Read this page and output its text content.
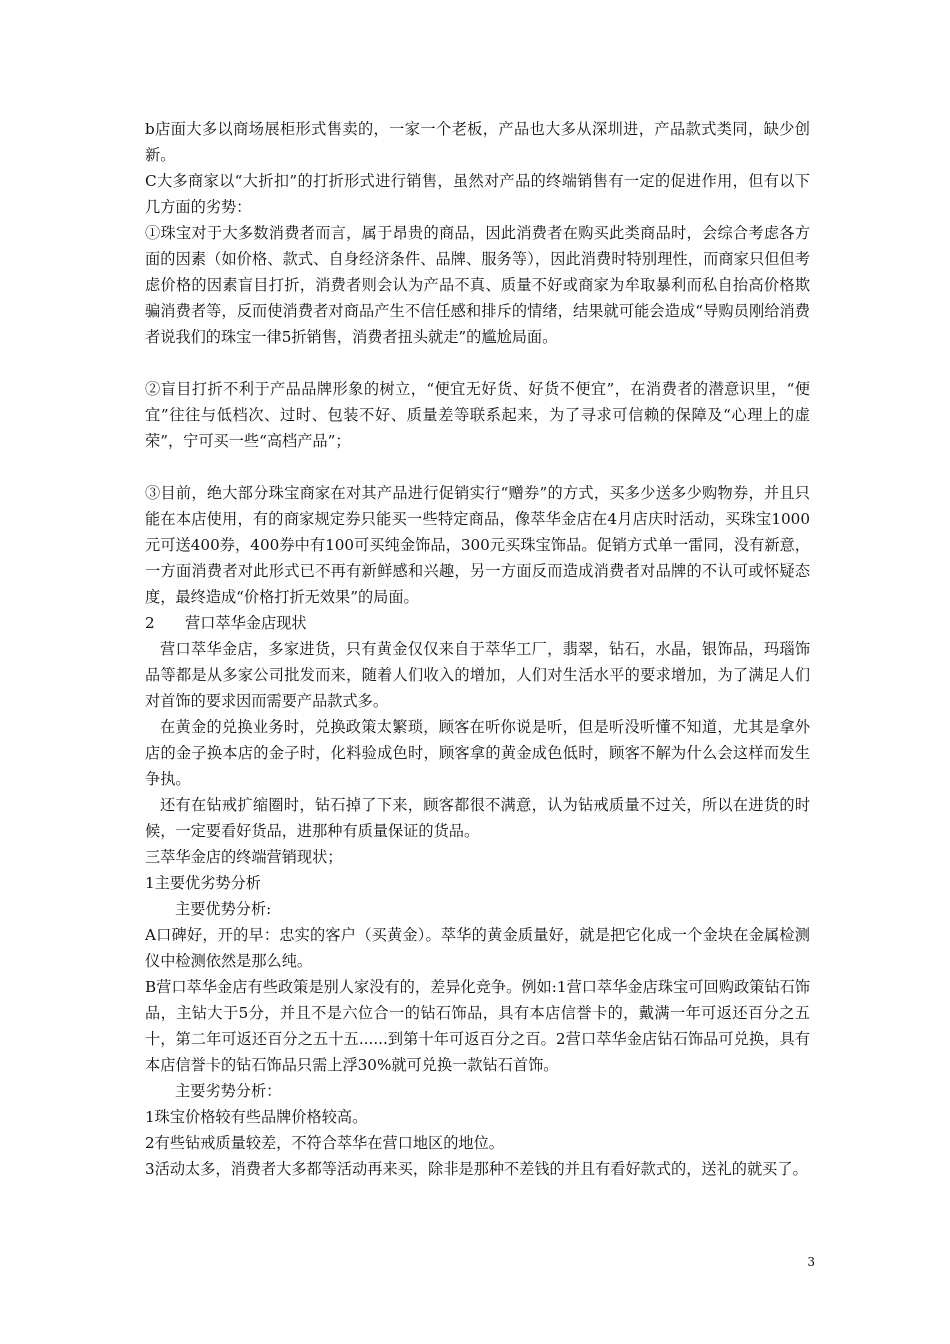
b店面大多以商场展柜形式售卖的，一家一个老板，产品也大多从深圳进，产品款式类同，缺少创新。

C大多商家以“大折扣”的打折形式进行销售，虽然对产品的终端销售有一定的促进作用，但有以下几方面的劣势：

①珠宝对于大多数消费者而言，属于昂贵的商品，因此消费者在购买此类商品时，会综合考虑各方面的因素（如价格、款式、自身经济条件、品牌、服务等），因此消费时特别理性，而商家只但但考虑价格的因素盲目打折，消费者则会认为产品不真、质量不好或商家为牟取暴利而私自抬高价格欺骗消费者等，反而使消费者对商品产生不信任感和排斥的情绪，结果就可能会造成“导购员刚给消费者说我们的珠宝一律5折销售，消费者扭头就走”的尴尬局面。

②盲目打折不利于产品品牌形象的树立，“便宜无好货、好货不便宜”，在消费者的潜意识里，“便宜”往往与低档次、过时、包装不好、质量差等联系起来，为了寻求可信赖的保障及“心理上的虚荣”，宁可买一些“高档产品”；

③目前，绝大部分珠宝商家在对其产品进行促销实行“赠券”的方式，买多少送多少购物券，并且只能在本店使用，有的商家规定券只能买一些特定商品，像萃华金店在4月店庆时活动，买珠宝1000元可送400券，400券中有100可买纯金饰品，300元买珠宝饰品。促销方式单一雷同，没有新意，一方面消费者对此形式已不再有新鲜感和兴趣，另一方面反而造成消费者对品牌的不认可或怀疑态度，最终造成“价格打折无效果”的局面。

2　　营口萃华金店现状

营口萃华金店，多家进货，只有黄金仅仅来自于萃华工厂，翡翠，钻石，水晶，银饰品，玛瑙饰品等都是从多家公司批发而来，随着人们收入的增加，人们对生活水平的要求增加，为了满足人们对首饰的要求因而需要产品款式多。

在黄金的兑换业务时，兑换政策太繁琐，顾客在听你说是听，但是听没听懂不知道，尤其是拿外店的金子换本店的金子时，化料验成色时，顾客拿的黄金成色低时，顾客不解为什么会这样而发生争执。

还有在钻戒扩缩圈时，钻石掉了下来，顾客都很不满意，认为钻戒质量不过关，所以在进货的时候，一定要看好货品，进那种有质量保证的货品。

三萃华金店的终端营销现状；

1主要优劣势分析

主要优势分析:

A口碑好，开的早：忠实的客户（买黄金）。萃华的黄金质量好，就是把它化成一个金块在金属检测仪中检测依然是那么纯。

B营口萃华金店有些政策是别人家没有的，差异化竞争。例如:1营口萃华金店珠宝可回购政策钻石饰品，主钻大于5分，并且不是六位合一的钻石饰品，具有本店信誉卡的，戴满一年可返还百分之五十，第二年可返还百分之五十五......到第十年可返百分之百。2营口萃华金店钻石饰品可兑换，具有本店信誉卡的钻石饰品只需上浮30%就可兑换一款钻石首饰。

主要劣势分析：

1珠宝价格较有些品牌价格较高。

2有些钻戒质量较差，不符合萃华在营口地区的地位。

3活动太多，消费者大多都等活动再来买，除非是那种不差钱的并且有看好款式的，送礼的就买了。

3
